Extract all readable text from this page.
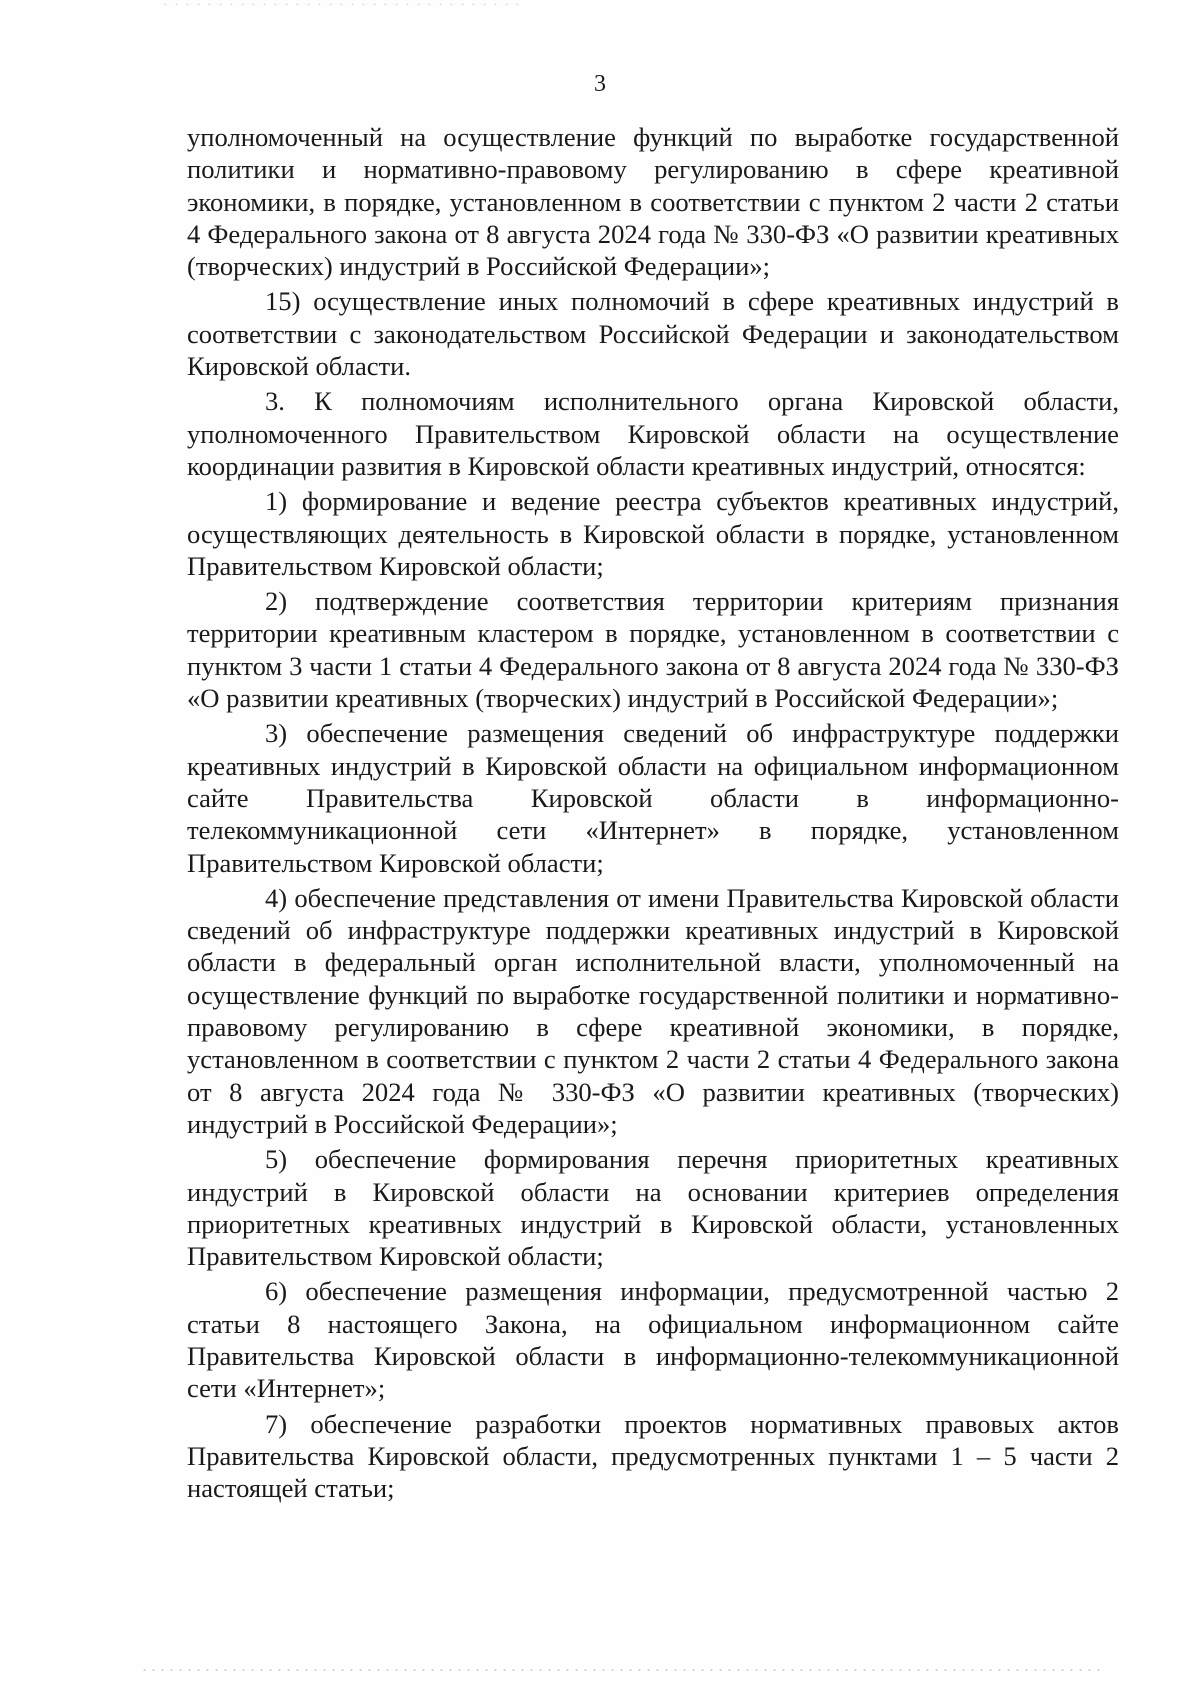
3

уполномоченный на осуществление функций по выработке государственной политики и нормативно-правовому регулированию в сфере креативной экономики, в порядке, установленном в соответствии с пунктом 2 части 2 статьи 4 Федерального закона от 8 августа 2024 года № 330-ФЗ «О развитии креативных (творческих) индустрий в Российской Федерации»;

15) осуществление иных полномочий в сфере креативных индустрий в соответствии с законодательством Российской Федерации и законодательством Кировской области.

3. К полномочиям исполнительного органа Кировской области, уполномоченного Правительством Кировской области на осуществление координации развития в Кировской области креативных индустрий, относятся:

1) формирование и ведение реестра субъектов креативных индустрий, осуществляющих деятельность в Кировской области в порядке, установленном Правительством Кировской области;

2) подтверждение соответствия территории критериям признания территории креативным кластером в порядке, установленном в соответствии с пунктом 3 части 1 статьи 4 Федерального закона от 8 августа 2024 года № 330-ФЗ «О развитии креативных (творческих) индустрий в Российской Федерации»;

3) обеспечение размещения сведений об инфраструктуре поддержки креативных индустрий в Кировской области на официальном информационном сайте Правительства Кировской области в информационно-телекоммуникационной сети «Интернет» в порядке, установленном Правительством Кировской области;

4) обеспечение представления от имени Правительства Кировской области сведений об инфраструктуре поддержки креативных индустрий в Кировской области в федеральный орган исполнительной власти, уполномоченный на осуществление функций по выработке государственной политики и нормативно-правовому регулированию в сфере креативной экономики, в порядке, установленном в соответствии с пунктом 2 части 2 статьи 4 Федерального закона от 8 августа 2024 года № 330-ФЗ «О развитии креативных (творческих) индустрий в Российской Федерации»;

5) обеспечение формирования перечня приоритетных креативных индустрий в Кировской области на основании критериев определения приоритетных креативных индустрий в Кировской области, установленных Правительством Кировской области;

6) обеспечение размещения информации, предусмотренной частью 2 статьи 8 настоящего Закона, на официальном информационном сайте Правительства Кировской области в информационно-телекоммуникационной сети «Интернет»;

7) обеспечение разработки проектов нормативных правовых актов Правительства Кировской области, предусмотренных пунктами 1 – 5 части 2 настоящей статьи;
